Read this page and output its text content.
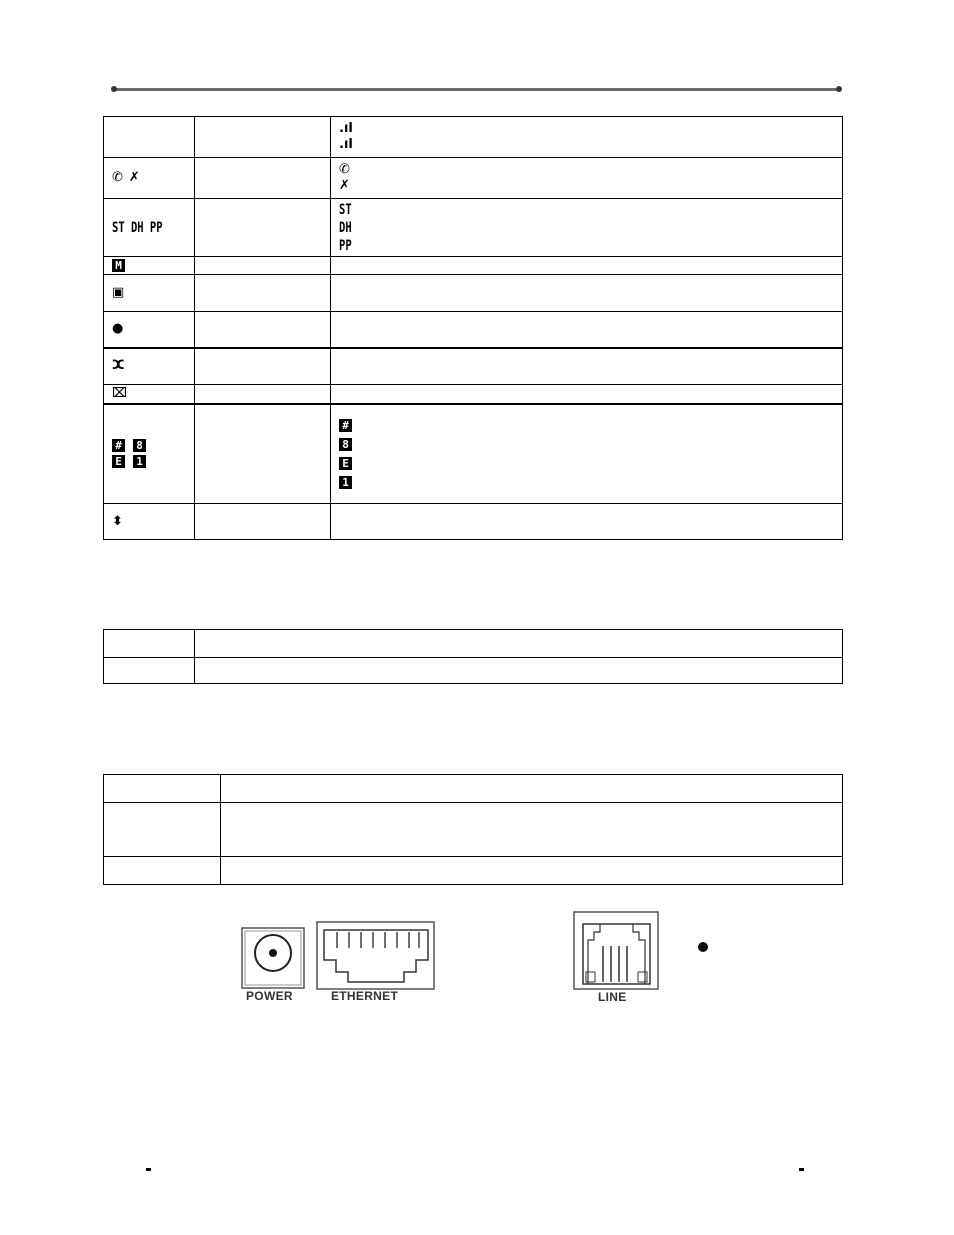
		.ıl
.ıl

✆ ✗		✆
✗

ST DH PP		ST
DH
PP

M		

▣		

●		

ⵋ		

⌧		

# 8
E 1		#
8
E
1

⬍		

POWER	ETHERNET	LINE
